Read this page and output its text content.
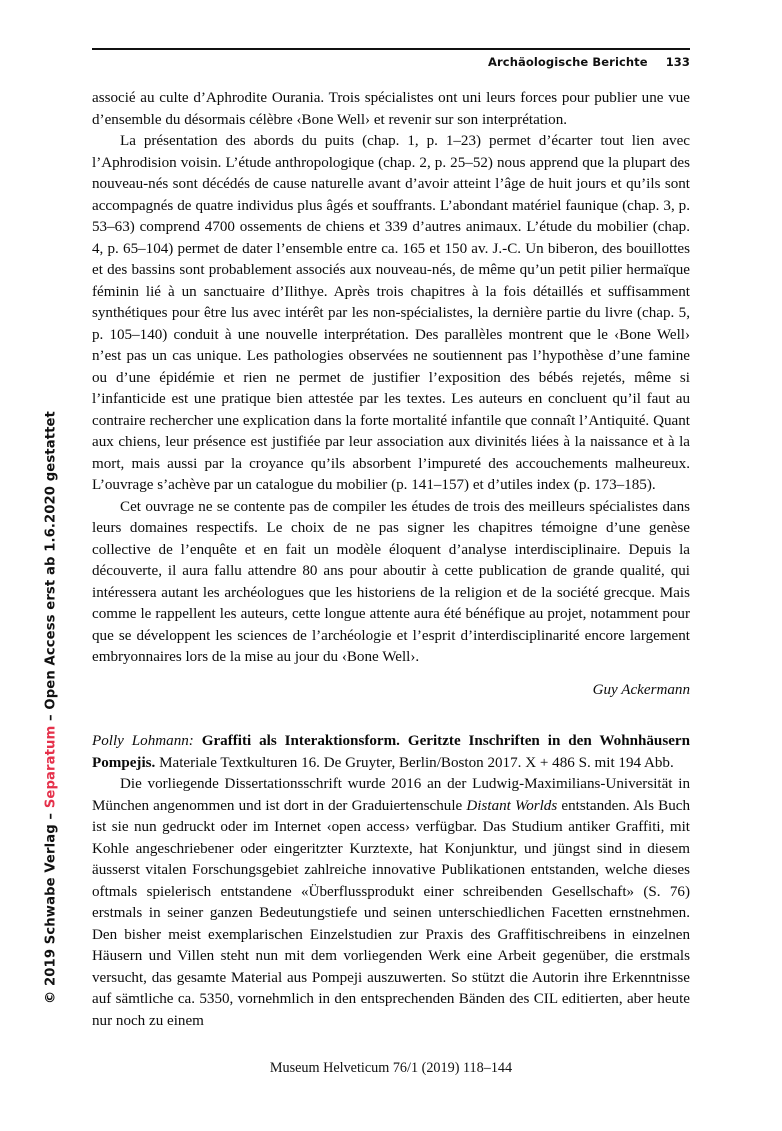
Archäologische Berichte 133
© 2019 Schwabe Verlag – Separatum – Open Access erst ab 1.6.2020 gestattet

associé au culte d’Aphrodite Ourania. Trois spécialistes ont uni leurs forces pour publier une vue d’ensemble du désormais célèbre ‹Bone Well› et revenir sur son interprétation.

La présentation des abords du puits (chap. 1, p. 1–23) permet d’écarter tout lien avec l’Aphrodision voisin. L’étude anthropologique (chap. 2, p. 25–52) nous apprend que la plupart des nouveau-nés sont décédés de cause naturelle avant d’avoir atteint l’âge de huit jours et qu’ils sont accompagnés de quatre individus plus âgés et souffrants. L’abondant matériel faunique (chap. 3, p. 53–63) comprend 4700 ossements de chiens et 339 d’autres animaux. L’étude du mobilier (chap. 4, p. 65–104) permet de dater l’ensemble entre ca. 165 et 150 av. J.-C. Un biberon, des bouillottes et des bassins sont probablement associés aux nouveau-nés, de même qu’un petit pilier hermaïque féminin lié à un sanctuaire d’Ilithye. Après trois chapitres à la fois détaillés et suffisamment synthétiques pour être lus avec intérêt par les non-spécialistes, la dernière partie du livre (chap. 5, p. 105–140) conduit à une nouvelle interprétation. Des parallèles montrent que le ‹Bone Well› n’est pas un cas unique. Les pathologies observées ne soutiennent pas l’hypothèse d’une famine ou d’une épidémie et rien ne permet de justifier l’exposition des bébés rejetés, même si l’infanticide est une pratique bien attestée par les textes. Les auteurs en concluent qu’il faut au contraire rechercher une explication dans la forte mortalité infantile que connaît l’Antiquité. Quant aux chiens, leur présence est justifiée par leur association aux divinités liées à la naissance et à la mort, mais aussi par la croyance qu’ils absorbent l’impureté des accouchements malheureux. L’ouvrage s’achève par un catalogue du mobilier (p. 141–157) et d’utiles index (p. 173–185).

Cet ouvrage ne se contente pas de compiler les études de trois des meilleurs spécialistes dans leurs domaines respectifs. Le choix de ne pas signer les chapitres témoigne d’une genèse collective de l’enquête et en fait un modèle éloquent d’analyse interdisciplinaire. Depuis la découverte, il aura fallu attendre 80 ans pour aboutir à cette publication de grande qualité, qui intéressera autant les archéologues que les historiens de la religion et de la société grecque. Mais comme le rappellent les auteurs, cette longue attente aura été bénéfique au projet, notamment pour que se développent les sciences de l’archéologie et l’esprit d’interdisciplinarité encore largement embryonnaires lors de la mise au jour du ‹Bone Well›.

Guy Ackermann

Polly Lohmann: Graffiti als Interaktionsform. Geritzte Inschriften in den Wohnhäusern Pompejis. Materiale Textkulturen 16. De Gruyter, Berlin/Boston 2017. X + 486 S. mit 194 Abb.

Die vorliegende Dissertationsschrift wurde 2016 an der Ludwig-Maximilians-Universität in München angenommen und ist dort in der Graduiertenschule Distant Worlds entstanden. Als Buch ist sie nun gedruckt oder im Internet ‹open access› verfügbar. Das Studium antiker Graffiti, mit Kohle angeschriebener oder eingeritzter Kurztexte, hat Konjunktur, und jüngst sind in diesem äusserst vitalen Forschungsgebiet zahlreiche innovative Publikationen entstanden, welche dieses oftmals spielerisch entstandene «Überflussprodukt einer schreibenden Gesellschaft» (S. 76) erstmals in seiner ganzen Bedeutungstiefe und seinen unterschiedlichen Facetten ernstnehmen. Den bisher meist exemplarischen Einzelstudien zur Praxis des Graffitischreibens in einzelnen Häusern und Villen steht nun mit dem vorliegenden Werk eine Arbeit gegenüber, die erstmals versucht, das gesamte Material aus Pompeji auszuwerten. So stützt die Autorin ihre Erkenntnisse auf sämtliche ca. 5350, vornehmlich in den entsprechenden Bänden des CIL editierten, aber heute nur noch zu einem

Museum Helveticum 76/1 (2019) 118–144
